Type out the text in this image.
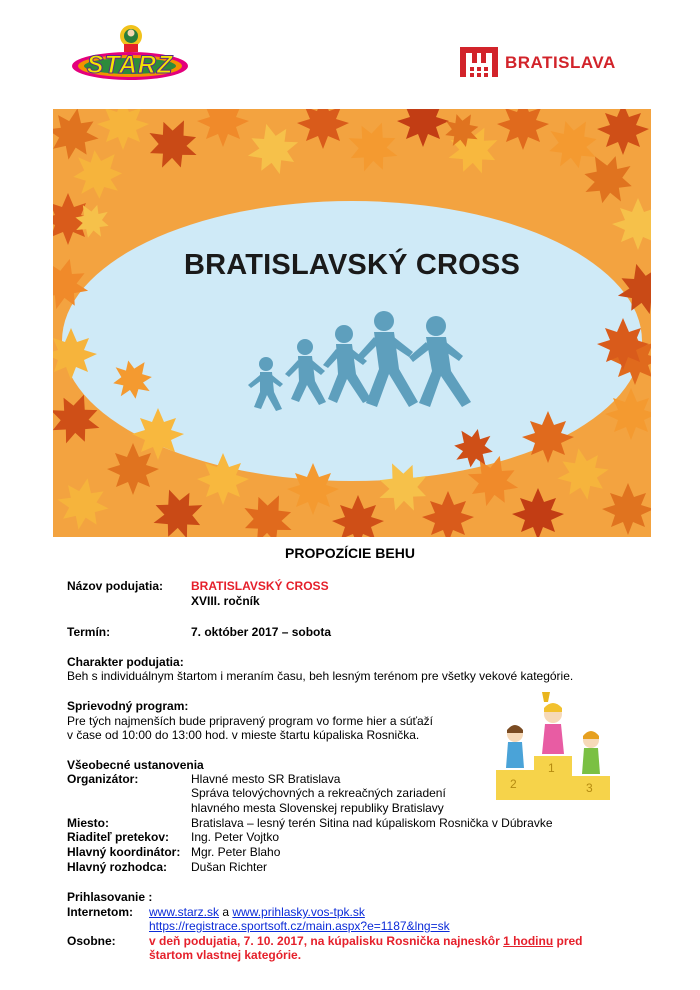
STARZ	BRATISLAVA
BRATISLAVSKÝ CROSS
PROPOZÍCIE BEHU
Názov podujatia: BRATISLAVSKÝ CROSS
XVIII. ročník
Termín:	7. október 2017 – sobota
Charakter podujatia:
Beh s individuálnym štartom i meraním času, beh lesným terénom pre všetky vekové kategórie.
Sprievodný program:
Pre tých najmenších bude pripravený program vo forme hier a súťaží
v čase od 10:00 do 13:00 hod. v mieste štartu kúpaliska Rosnička.
1
2	3
Všeobecné ustanovenia
Organizátor:	Hlavné mesto SR Bratislava
Správa telovýchovných a rekreačných zariadení
hlavného mesta Slovenskej republiky Bratislavy
Miesto:	Bratislava – lesný terén Sitina nad kúpaliskom Rosnička v Dúbravke
Riaditeľ pretekov: Ing. Peter Vojtko
Hlavný koordinátor: Mgr. Peter Blaho
Hlavný rozhodca: Dušan Richter
Prihlasovanie :
Internetom: www.starz.sk a www.prihlasky.vos-tpk.sk
https://registrace.sportsoft.cz/main.aspx?e=1187&lng=sk
Osobne:	v deň podujatia, 7. 10. 2017, na kúpalisku Rosnička najneskôr 1 hodinu pred
štartom vlastnej kategórie.
